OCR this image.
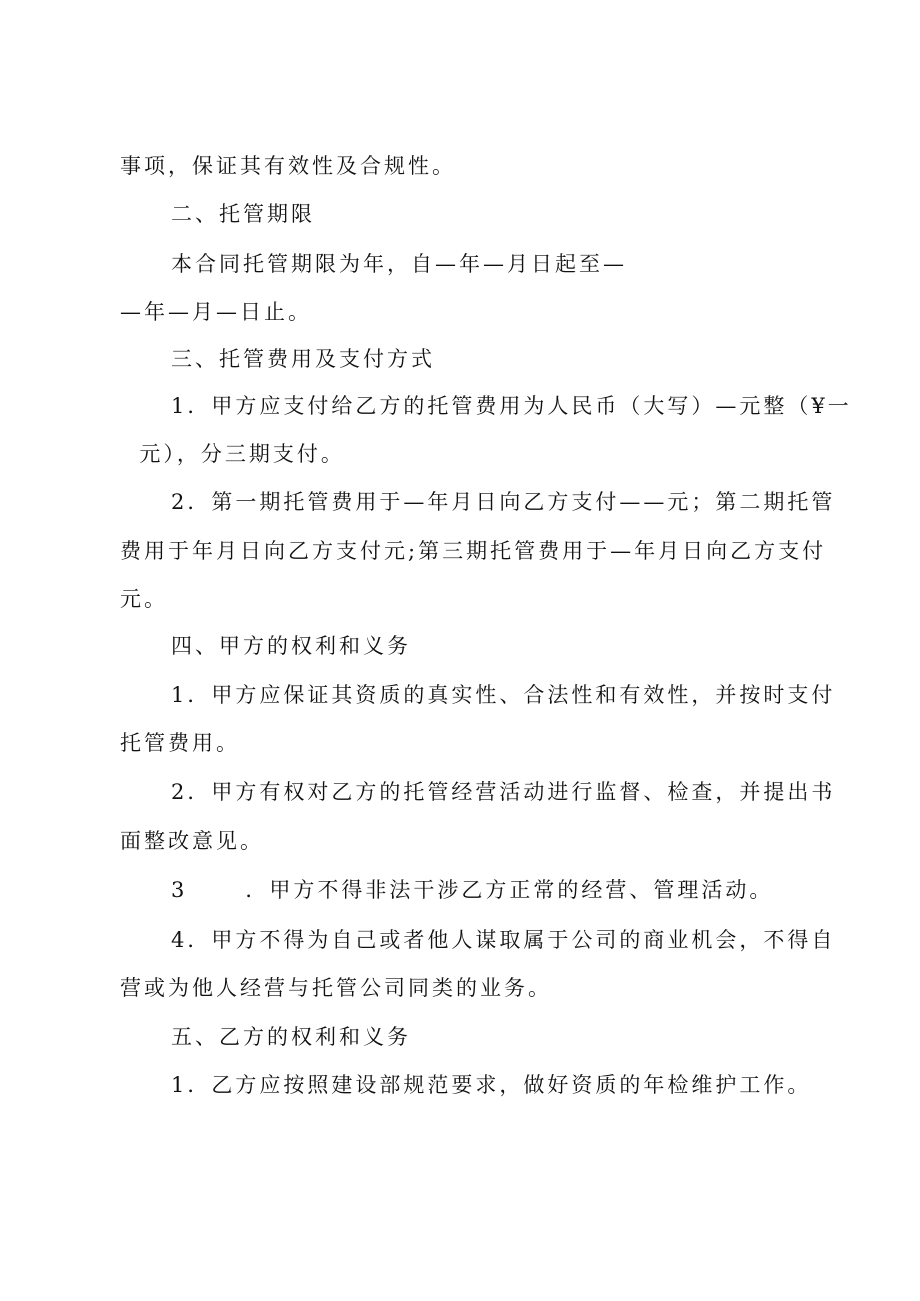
事项，保证其有效性及合规性。
二、托管期限
本合同托管期限为年，自—年—月日起至—
—年—月—日止。
三、托管费用及支付方式
1．甲方应支付给乙方的托管费用为人民币（大写）—元整（¥一
元），分三期支付。
2．第一期托管费用于—年月日向乙方支付——元；第二期托管
费用于年月日向乙方支付元;第三期托管费用于—年月日向乙方支付
元。
四、甲方的权利和义务
1．甲方应保证其资质的真实性、合法性和有效性，并按时支付
托管费用。
2．甲方有权对乙方的托管经营活动进行监督、检查，并提出书
面整改意见。
3      ．甲方不得非法干涉乙方正常的经营、管理活动。
4．甲方不得为自己或者他人谋取属于公司的商业机会，不得自
营或为他人经营与托管公司同类的业务。
五、乙方的权利和义务
1．乙方应按照建设部规范要求，做好资质的年检维护工作。
